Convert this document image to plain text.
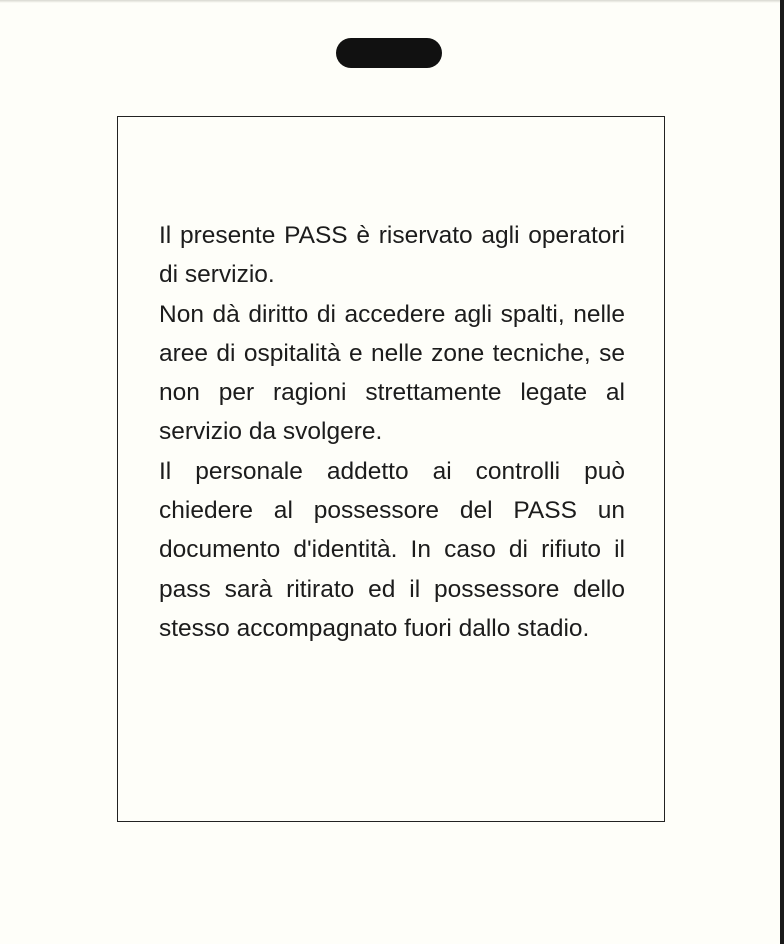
Il presente PASS è riservato agli operatori di servizio.

Non dà diritto di accedere agli spalti, nelle aree di ospitalità e nelle zone tecniche, se non per ragioni strettamente legate al servizio da svolgere.

Il personale addetto ai controlli può chiedere al possessore del PASS un documento d'identità. In caso di rifiuto il pass sarà ritirato ed il possessore dello stesso accompagnato fuori dallo stadio.
